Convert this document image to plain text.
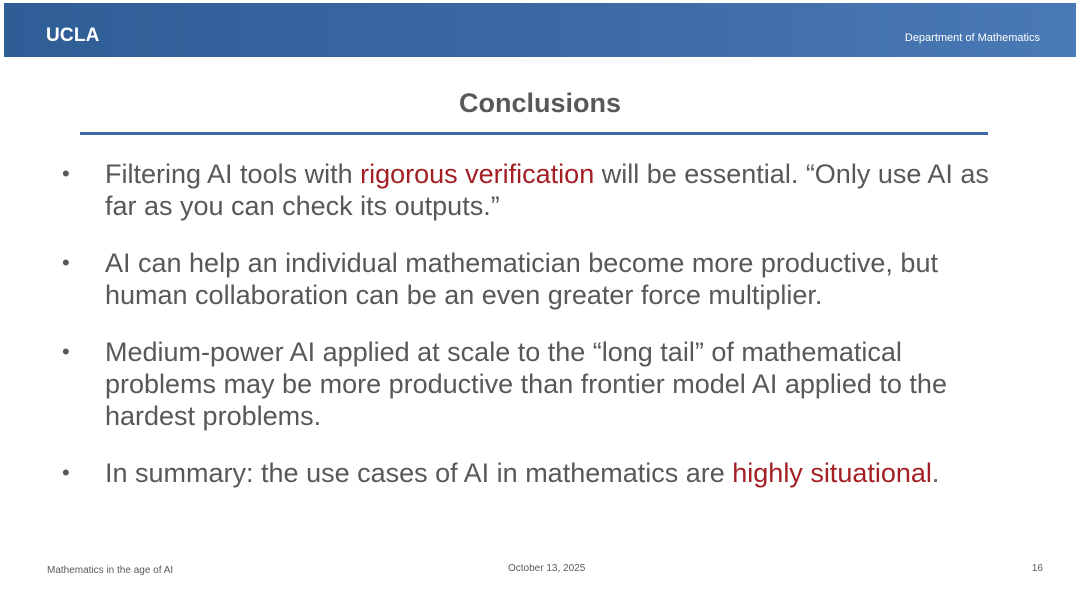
UCLA	Department of Mathematics
Conclusions
• Filtering AI tools with rigorous verification will be essential. “Only use AI as far as you can check its outputs.”
• AI can help an individual mathematician become more productive, but human collaboration can be an even greater force multiplier.
• Medium-power AI applied at scale to the “long tail” of mathematical problems may be more productive than frontier model AI applied to the hardest problems.
• In summary: the use cases of AI in mathematics are highly situational.
Mathematics in the age of AI	October 13, 2025	16
